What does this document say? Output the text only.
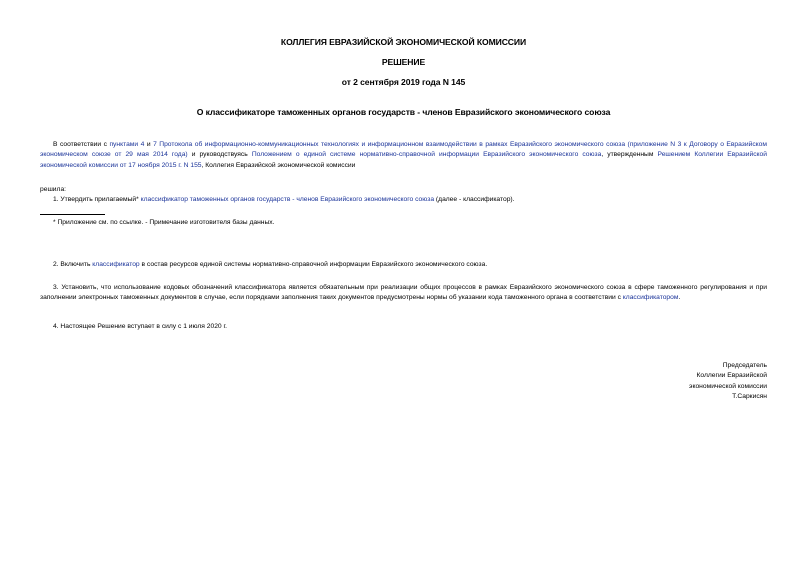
КОЛЛЕГИЯ ЕВРАЗИЙСКОЙ ЭКОНОМИЧЕСКОЙ КОМИССИИ
РЕШЕНИЕ
от 2 сентября 2019 года N 145
О классификаторе таможенных органов государств - членов Евразийского экономического союза
В соответствии с пунктами 4 и 7 Протокола об информационно-коммуникационных технологиях и информационном взаимодействии в рамках Евразийского экономического союза (приложение N 3 к Договору о Евразийском экономическом союзе от 29 мая 2014 года) и руководствуясь Положением о единой системе нормативно-справочной информации Евразийского экономического союза, утвержденным Решением Коллегии Евразийской экономической комиссии от 17 ноября 2015 г. N 155, Коллегия Евразийской экономической комиссии
решила:
1. Утвердить прилагаемый* классификатор таможенных органов государств - членов Евразийского экономического союза (далее - классификатор).
* Приложение см. по ссылке. - Примечание изготовителя базы данных.
2. Включить классификатор в состав ресурсов единой системы нормативно-справочной информации Евразийского экономического союза.
3. Установить, что использование кодовых обозначений классификатора является обязательным при реализации общих процессов в рамках Евразийского экономического союза в сфере таможенного регулирования и при заполнении электронных таможенных документов в случае, если порядками заполнения таких документов предусмотрены нормы об указании кода таможенного органа в соответствии с классификатором.
4. Настоящее Решение вступает в силу с 1 июля 2020 г.
Председатель
Коллегии Евразийской
экономической комиссии
Т.Саркисян
